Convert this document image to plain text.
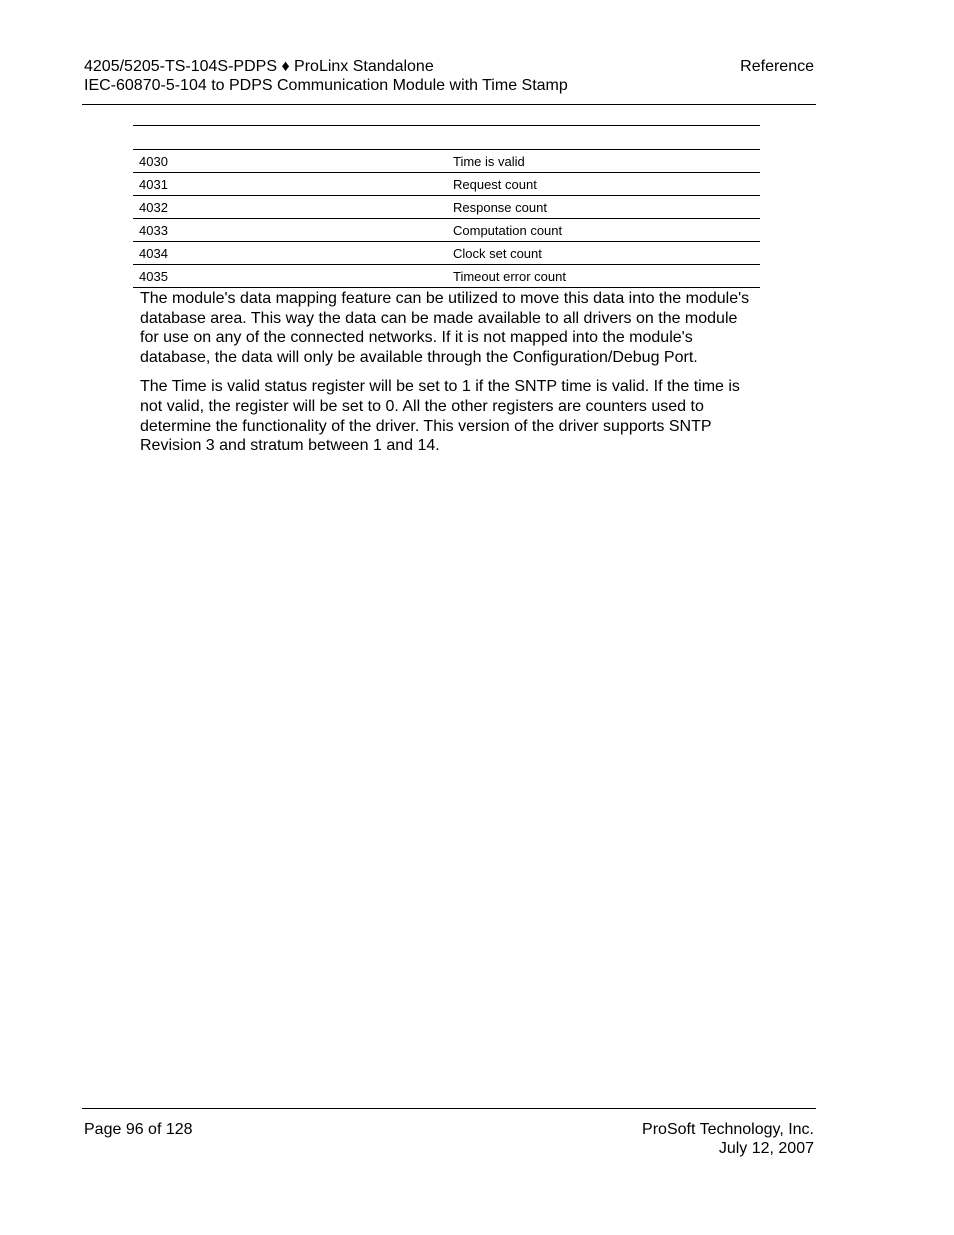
4205/5205-TS-104S-PDPS ♦ ProLinx Standalone	Reference
IEC-60870-5-104 to PDPS Communication Module with Time Stamp
4030	Time is valid
4031	Request count
4032	Response count
4033	Computation count
4034	Clock set count
4035	Timeout error count

The module's data mapping feature can be utilized to move this data into the module's database area. This way the data can be made available to all drivers on the module for use on any of the connected networks. If it is not mapped into the module's database, the data will only be available through the Configuration/Debug Port.

The Time is valid status register will be set to 1 if the SNTP time is valid. If the time is not valid, the register will be set to 0. All the other registers are counters used to determine the functionality of the driver. This version of the driver supports SNTP Revision 3 and stratum between 1 and 14.

Page 96 of 128	ProSoft Technology, Inc.
July 12, 2007
